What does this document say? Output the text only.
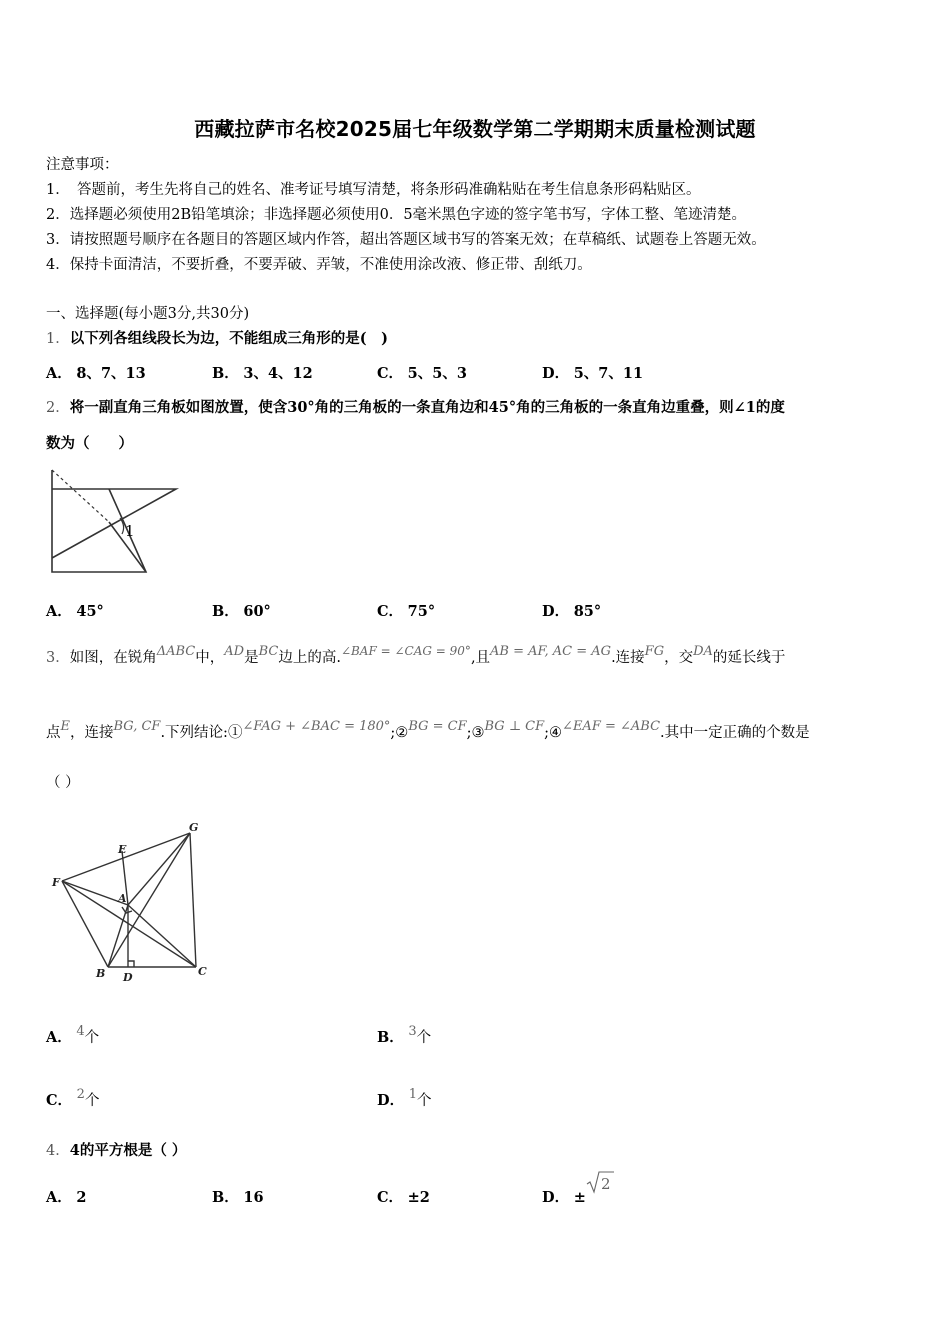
西藏拉萨市名校2025届七年级数学第二学期期末质量检测试题
注意事项：
1．　答题前，考生先将自己的姓名、准考证号填写清楚，将条形码准确粘贴在考生信息条形码粘贴区。
2．选择题必须使用2B铅笔填涂；非选择题必须使用0．5毫米黑色字迹的签字笔书写，字体工整、笔迹清楚。
3．请按照题号顺序在各题目的答题区域内作答，超出答题区域书写的答案无效；在草稿纸、试题卷上答题无效。
4．保持卡面清洁，不要折叠，不要弄破、弄皱，不准使用涂改液、修正带、刮纸刀。
一、选择题(每小题3分,共30分)
1．以下列各组线段长为边，不能组成三角形的是(　)
A． 8、7、13	B． 3、4、12	C． 5、5、3	D． 5、7、11
2．将一副直角三角板如图放置，使含30°角的三角板的一条直角边和45°角的三角板的一条直角边重叠，则∠1的度
数为（　　）
1
A． 45°	B． 60°	C． 75°	D． 85°
3．如图，在锐角ΔABC中，AD是BC边上的高.$^{\angle BAF = \angle CAG = 90^\circ}$,且AB = AF, AC = AG.连接FG，交DA的延长线于
点E，连接BG, CF.下列结论:①∠FAG + ∠BAC = 180°;②BG = CF;③BG ⊥ CF;④∠EAF = ∠ABC.其中一定正确的个数是
（ ）
G
E
F
A
B D	C
A． 4个	B． 3个
C． 2个	D． 1个
4．4的平方根是（ ）
A． 2	B． 16	C． ±2	D． ±
2
